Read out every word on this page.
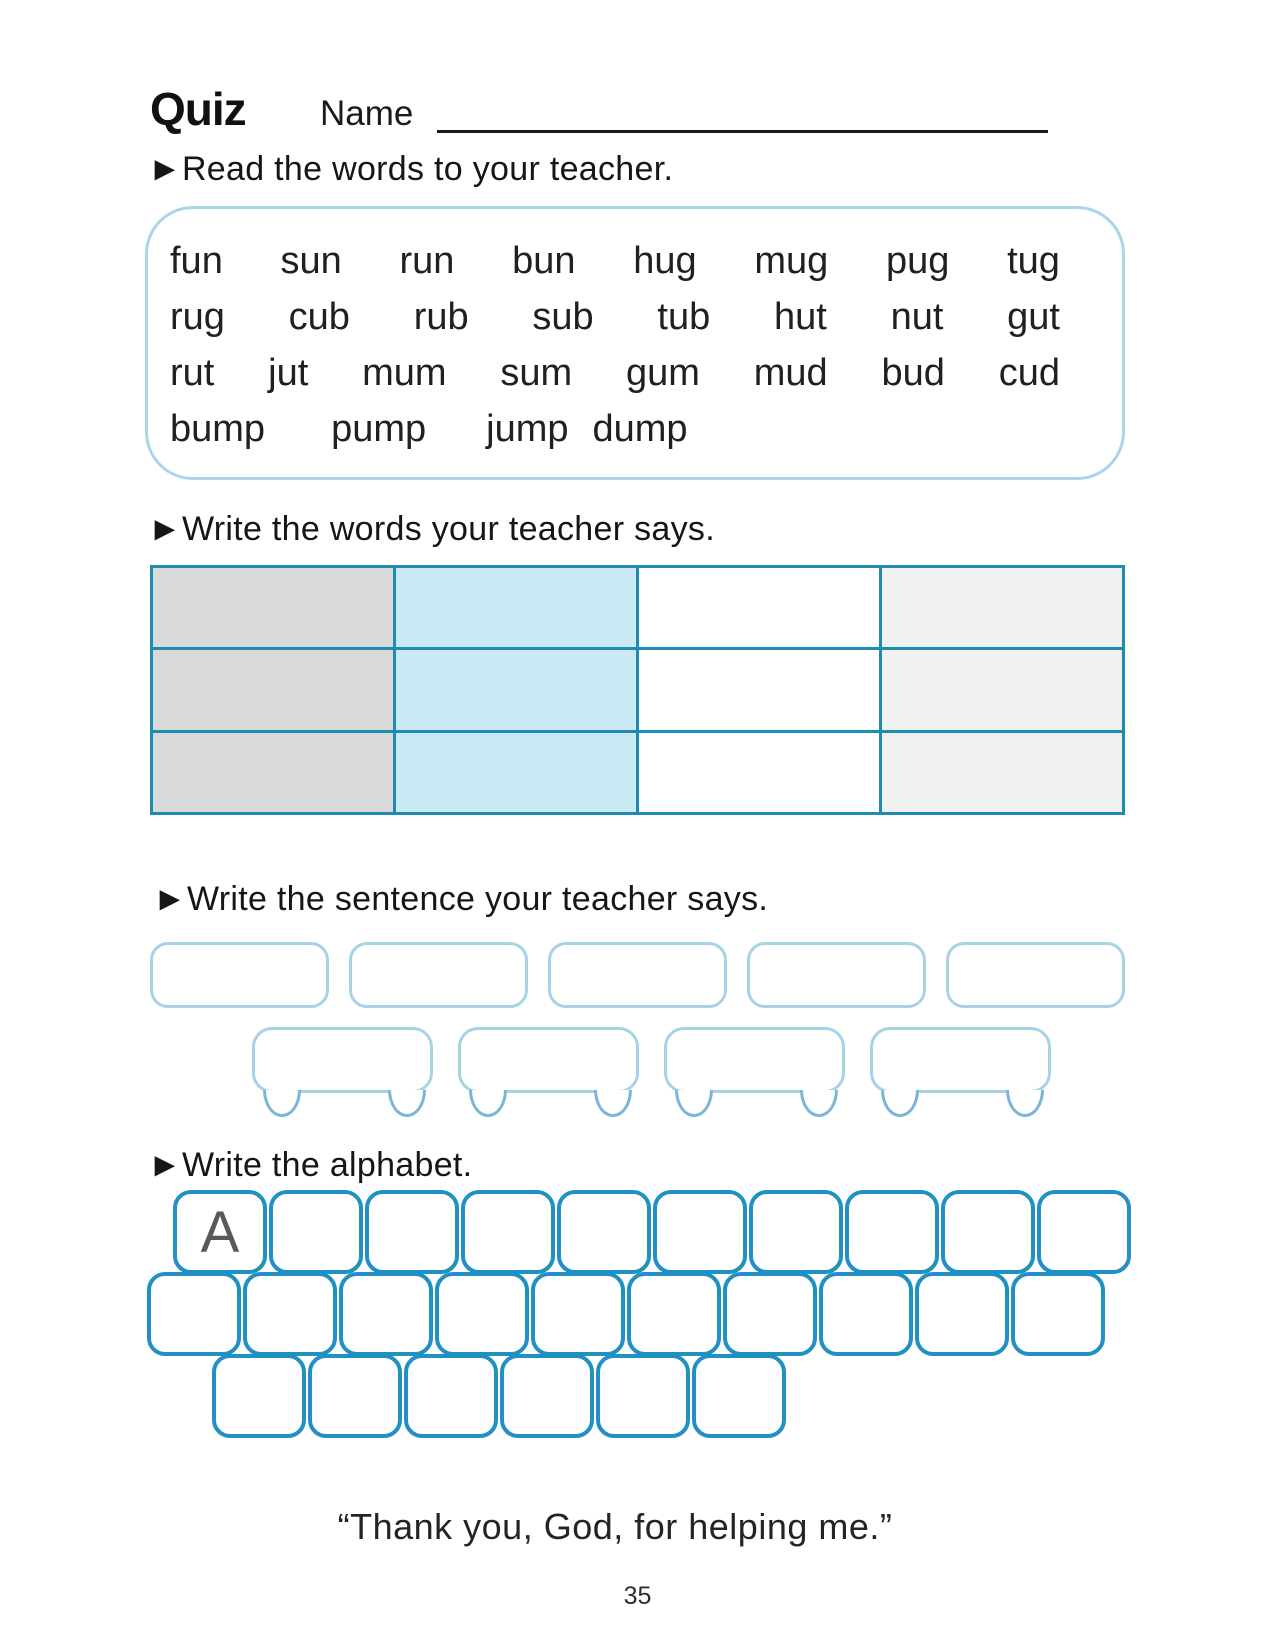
Quiz Name
►Read the words to your teacher.
fun sun run bun hug mug pug tug
rug cub rub sub tub hut nut gut
rut jut mum sum gum mud bud cud
bump pump jump dump
►Write the words your teacher says.
►Write the sentence your teacher says.
►Write the alphabet.
A
“Thank you, God, for helping me.”
35
